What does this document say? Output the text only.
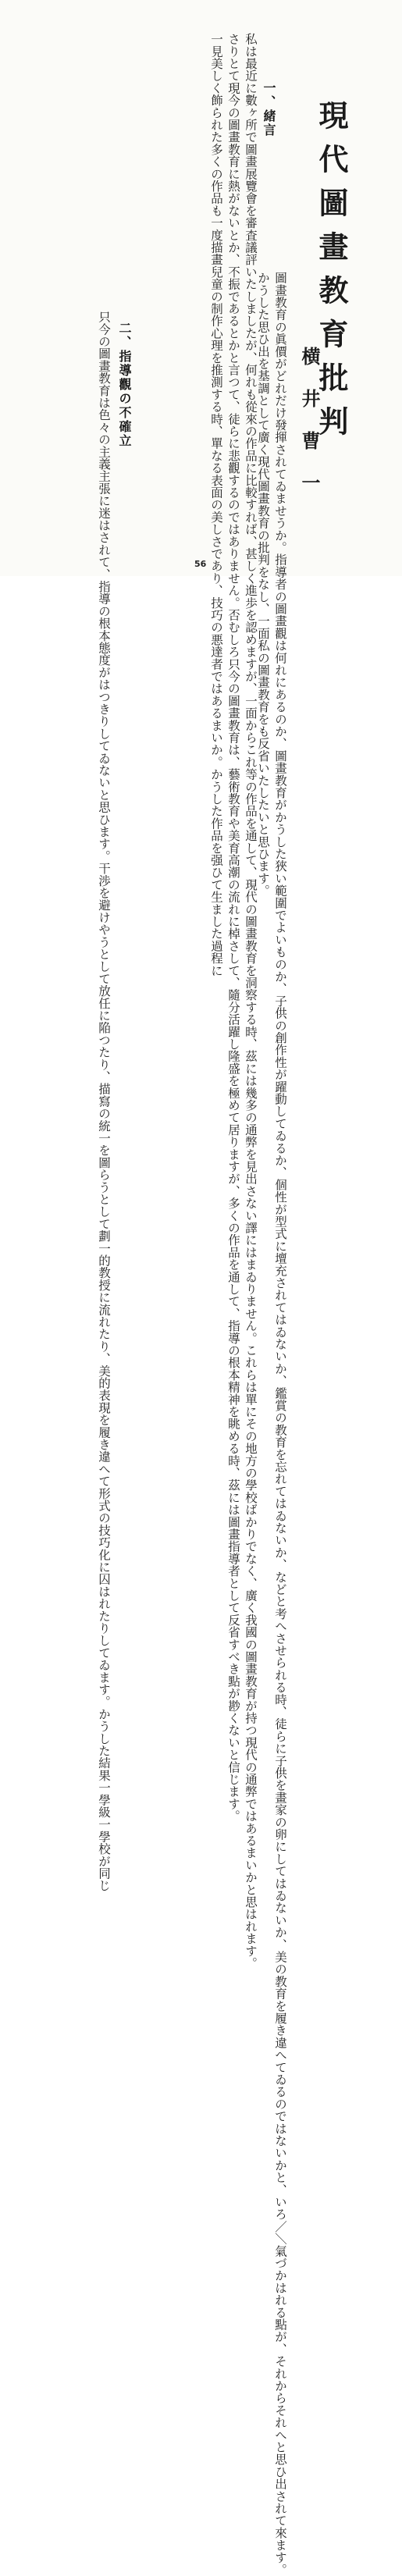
現代圖畫教育批判
横井曹一
一、緒言
私は最近に數ヶ所で圖畫展覽會を審査議評いたしましたが、何れも從來の作品に比較すれば、甚しく進歩を認めますが、一面からこれ等の作品を通して、現代の圖畫教育を洞察する時、茲には幾多の通弊を見出さない譯にはまゐりません。これらは單にその地方の學校ばかりでなく、廣く我國の圖畫教育が持つ現代の通弊ではあるまいかと思はれます。
さりとて現今の圖畫教育に熱がないとか、不振であるとかと言つて、徒らに悲觀するのではありません。否むしろ只今の圖畫教育は、藝術教育や美育高潮の流れに棹さして、隨分活躍し隆盛を極めて居りますが、多くの作品を通して、指導の根本精神を眺める時、茲には圖畫指導者として反省すべき點が尠くないと信じます。
一見美しく飾られた多くの作品も一度描畫兒童の制作心理を推測する時、單なる表面の美しさであり、技巧の悪達者ではあるまいか。かうした作品を强ひて生ました過程に	圖畫教育の眞價がどれだけ發揮されてゐませうか。指導者の圖畫觀は何れにあるのか、圖畫教育がかうした狹い範圍でよいものか、子供の創作性が躍動してゐるか、個性が型式に壇充されてはゐないか、鑑賞の教育を忘れてはゐないか、などと考へさせられる時、徒らに子供を畫家の卵にしてはゐないか、美の教育を履き違へてゐるのではないかと、いろ／＼氣づかはれる點が、それからそれへと思ひ出されて來ます。
かうした思ひ出を基調として廣く現代圖畫教育の批判をなし、一面私の圖畫教育をも反省いたしたいと思ひます。
二、指導觀の不確立
只今の圖畫教育は色々の主義主張に迷はされて、指導の根本態度がはつきりしてゐないと思ひます。干渉を避けやうとして放任に陥つたり、描寫の統一を圖らうとして劃一的教授に流れたり、美的表現を履き違へて形式の技巧化に囚はれたりしてゐます。かうした結果一學級一學校が同じ	56
